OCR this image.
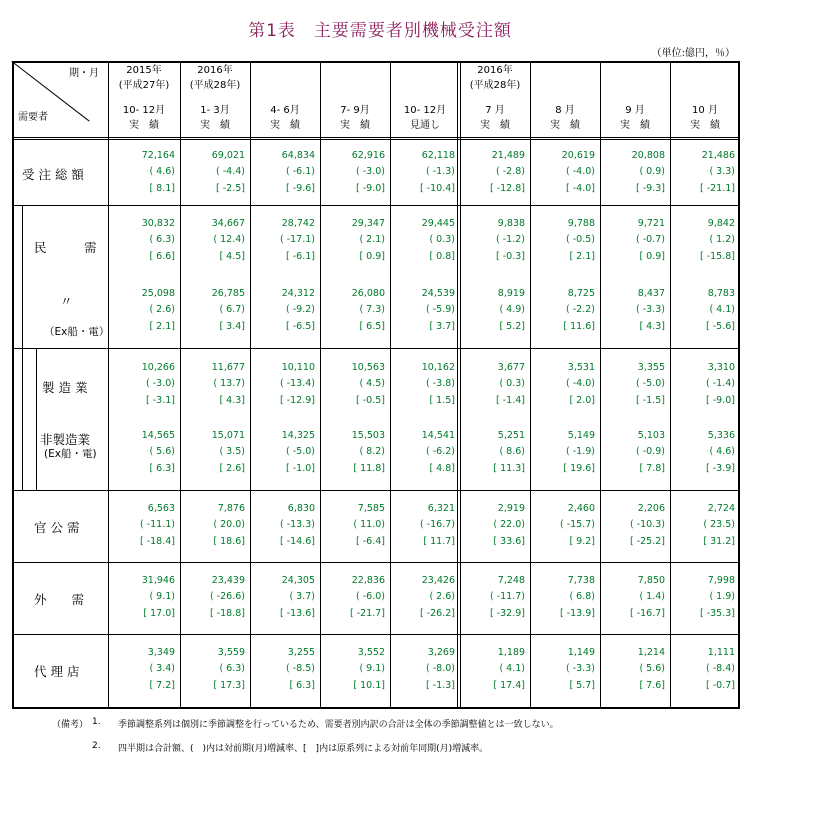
第1表　主要需要者別機械受注額
（単位:億円，％）
期・月
需要者
2015年
(平成27年)
10- 12月
実　績
2016年
(平成28年)
1- 3月
実　績
4- 6月
実　績
7- 9月
実　績
10- 12月
見通し
2016年
(平成28年)
7 月
実　績
8 月
実　績
9 月
実　績
10 月
実　績
受 注 総 額
民　　　需
〃
（Ex船・電）
製 造 業
非製造業
(Ex船・電)
官 公 需
外　　需
代 理 店
72,164
( 4.6)
[ 8.1]
69,021
( -4.4)
[ -2.5]
64,834
( -6.1)
[ -9.6]
62,916
( -3.0)
[ -9.0]
62,118
( -1.3)
[ -10.4]
21,489
( -2.8)
[ -12.8]
20,619
( -4.0)
[ -4.0]
20,808
( 0.9)
[ -9.3]
21,486
( 3.3)
[ -21.1]
30,832
( 6.3)
[ 6.6]
34,667
( 12.4)
[ 4.5]
28,742
( -17.1)
[ -6.1]
29,347
( 2.1)
[ 0.9]
29,445
( 0.3)
[ 0.8]
9,838
( -1.2)
[ -0.3]
9,788
( -0.5)
[ 2.1]
9,721
( -0.7)
[ 0.9]
9,842
( 1.2)
[ -15.8]
25,098
( 2.6)
[ 2.1]
26,785
( 6.7)
[ 3.4]
24,312
( -9.2)
[ -6.5]
26,080
( 7.3)
[ 6.5]
24,539
( -5.9)
[ 3.7]
8,919
( 4.9)
[ 5.2]
8,725
( -2.2)
[ 11.6]
8,437
( -3.3)
[ 4.3]
8,783
( 4.1)
[ -5.6]
10,266
( -3.0)
[ -3.1]
11,677
( 13.7)
[ 4.3]
10,110
( -13.4)
[ -12.9]
10,563
( 4.5)
[ -0.5]
10,162
( -3.8)
[ 1.5]
3,677
( 0.3)
[ -1.4]
3,531
( -4.0)
[ 2.0]
3,355
( -5.0)
[ -1.5]
3,310
( -1.4)
[ -9.0]
14,565
( 5.6)
[ 6.3]
15,071
( 3.5)
[ 2.6]
14,325
( -5.0)
[ -1.0]
15,503
( 8.2)
[ 11.8]
14,541
( -6.2)
[ 4.8]
5,251
( 8.6)
[ 11.3]
5,149
( -1.9)
[ 19.6]
5,103
( -0.9)
[ 7.8]
5,336
( 4.6)
[ -3.9]
6,563
( -11.1)
[ -18.4]
7,876
( 20.0)
[ 18.6]
6,830
( -13.3)
[ -14.6]
7,585
( 11.0)
[ -6.4]
6,321
( -16.7)
[ 11.7]
2,919
( 22.0)
[ 33.6]
2,460
( -15.7)
[ 9.2]
2,206
( -10.3)
[ -25.2]
2,724
( 23.5)
[ 31.2]
31,946
( 9.1)
[ 17.0]
23,439
( -26.6)
[ -18.8]
24,305
( 3.7)
[ -13.6]
22,836
( -6.0)
[ -21.7]
23,426
( 2.6)
[ -26.2]
7,248
( -11.7)
[ -32.9]
7,738
( 6.8)
[ -13.9]
7,850
( 1.4)
[ -16.7]
7,998
( 1.9)
[ -35.3]
3,349
( 3.4)
[ 7.2]
3,559
( 6.3)
[ 17.3]
3,255
( -8.5)
[ 6.3]
3,552
( 9.1)
[ 10.1]
3,269
( -8.0)
[ -1.3]
1,189
( 4.1)
[ 17.4]
1,149
( -3.3)
[ 5.7]
1,214
( 5.6)
[ 7.6]
1,111
( -8.4)
[ -0.7]
（備考） 1. 季節調整系列は個別に季節調整を行っているため、需要者別内訳の合計は全体の季節調整値とは一致しない。
2. 四半期は合計額、(　)内は対前期(月)増減率、[　]内は原系列による対前年同期(月)増減率。
